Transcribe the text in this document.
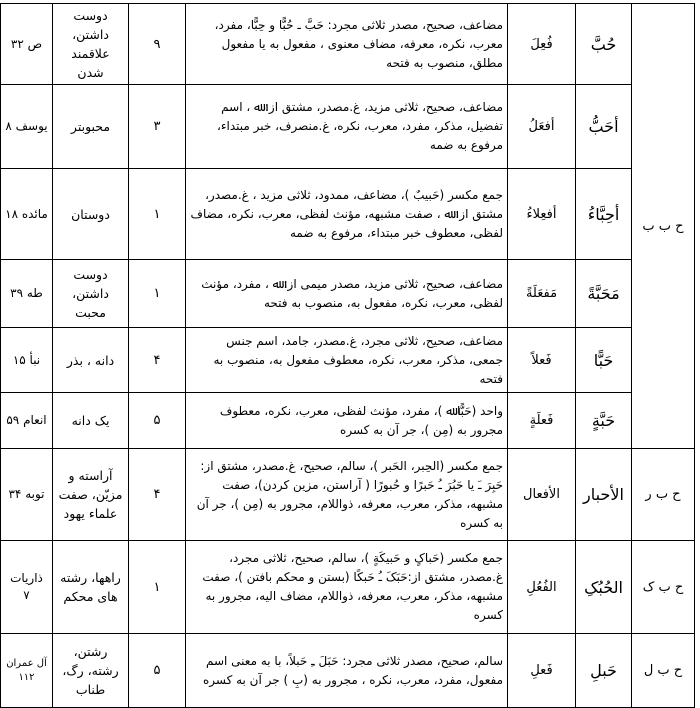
ح ب ب	حُبَّ	فُعِلَ	مضاعف، صحیح، مصدر ثلاثی مجرد: حَبَّ ـ حُبًّا و حِبًّا، مفرد، معرب، نکره، معرفه، مضاف معنوی ، مفعول به یا مفعول مطلق، منصوب به فتحه	۹	دوست داشتن، علاقمند شدن	ص ۳۲
	أحَبُّ	أفعَلُ	مضاعف، صحیح، ثلاثی مزید، غ.مصدر، مشتق از: ﷲ ، اسم تفضیل، مذکر، مفرد، معرب، نکره، غ.منصرف، خبر مبتداء، مرفوع به ضمه	۳	محبوبتر	یوسف ۸
	أحِبَّاءُ	أفعِلاءُ	جمع مکسر (حَبيبٌ )، مضاعف، ممدود، ثلاثی مزید ، غ.مصدر، مشتق از: ﷲ ، صفت مشبهه، مؤنث لفظی، معرب، نکره، مضاف لفظی، معطوف خبر مبتداء، مرفوع به ضمه	۱	دوستان	مائده ۱۸
	مَحَبَّةً	مَفعَلَةً	مضاعف، صحیح، ثلاثی مزید، مصدر میمی از: ﷲ ، مفرد، مؤنث لفظی، معرب، نکره، مفعول به، منصوب به فتحه	۱	دوست داشتن، محبت	طه ۳۹
	حَبًّا	فَعلاً	مضاعف، صحیح، ثلاثی مجرد، غ.مصدر، جامد، اسم جنس جمعی، مذکر، معرب، نکره، معطوف مفعول به، منصوب به فتحه	۴	دانه ، بذر	نبأ ۱۵
	حَبَّةٍ	فَعلَةٍ	واحد (حَبًّا ﷲ )، مفرد، مؤنث لفظی، معرب، نکره، معطوف مجرور به (مِن )، جر آن به کسره	۵	یک دانه	انعام ۵۹
ح ب ر	الأحبار	الأفعال	جمع مکسر (الحِبر، الحَبر )، سالم، صحیح، غ.مصدر، مشتق از: حَبِرَ ـَ یا حَبُرَ ـُ حَبرًا و حُبورًا ( آراستن، مزین کردن)، صفت مشبهه، مذکر، معرب، معرفه، ذواللام، مجرور به (مِن )، جر آن به کسره	۴	آراسته و مزیّن، صفت علماء یهود	توبه ۳۴
ح ب ک	الحُبُکِ	الفُعُلِ	جمع مکسر (حَباکٍ و حَبیکَةٍ )، سالم، صحیح، ثلاثی مجرد، غ.مصدر، مشتق از:حَبَکَ ـُ حَبکًا (بستن و محکم بافتن )، صفت مشبهه، مذکر، معرب، معرفه، ذواللام، مضاف الیه، مجرور به کسره	۱	راهها، رشته های محکم	ذاریات ۷
ح ب ل	حَبلِ	فَعلِ	سالم، صحیح، مصدر ثلاثی مجرد: حَبَلَ ـِ حَبلاً، با به معنی اسم مفعول، مفرد، معرب، نکره ، مجرور به (بِ ) جر آن به کسره	۵	رشتن، رشته، رگ، طناب	آل عمران ۱۱۲
